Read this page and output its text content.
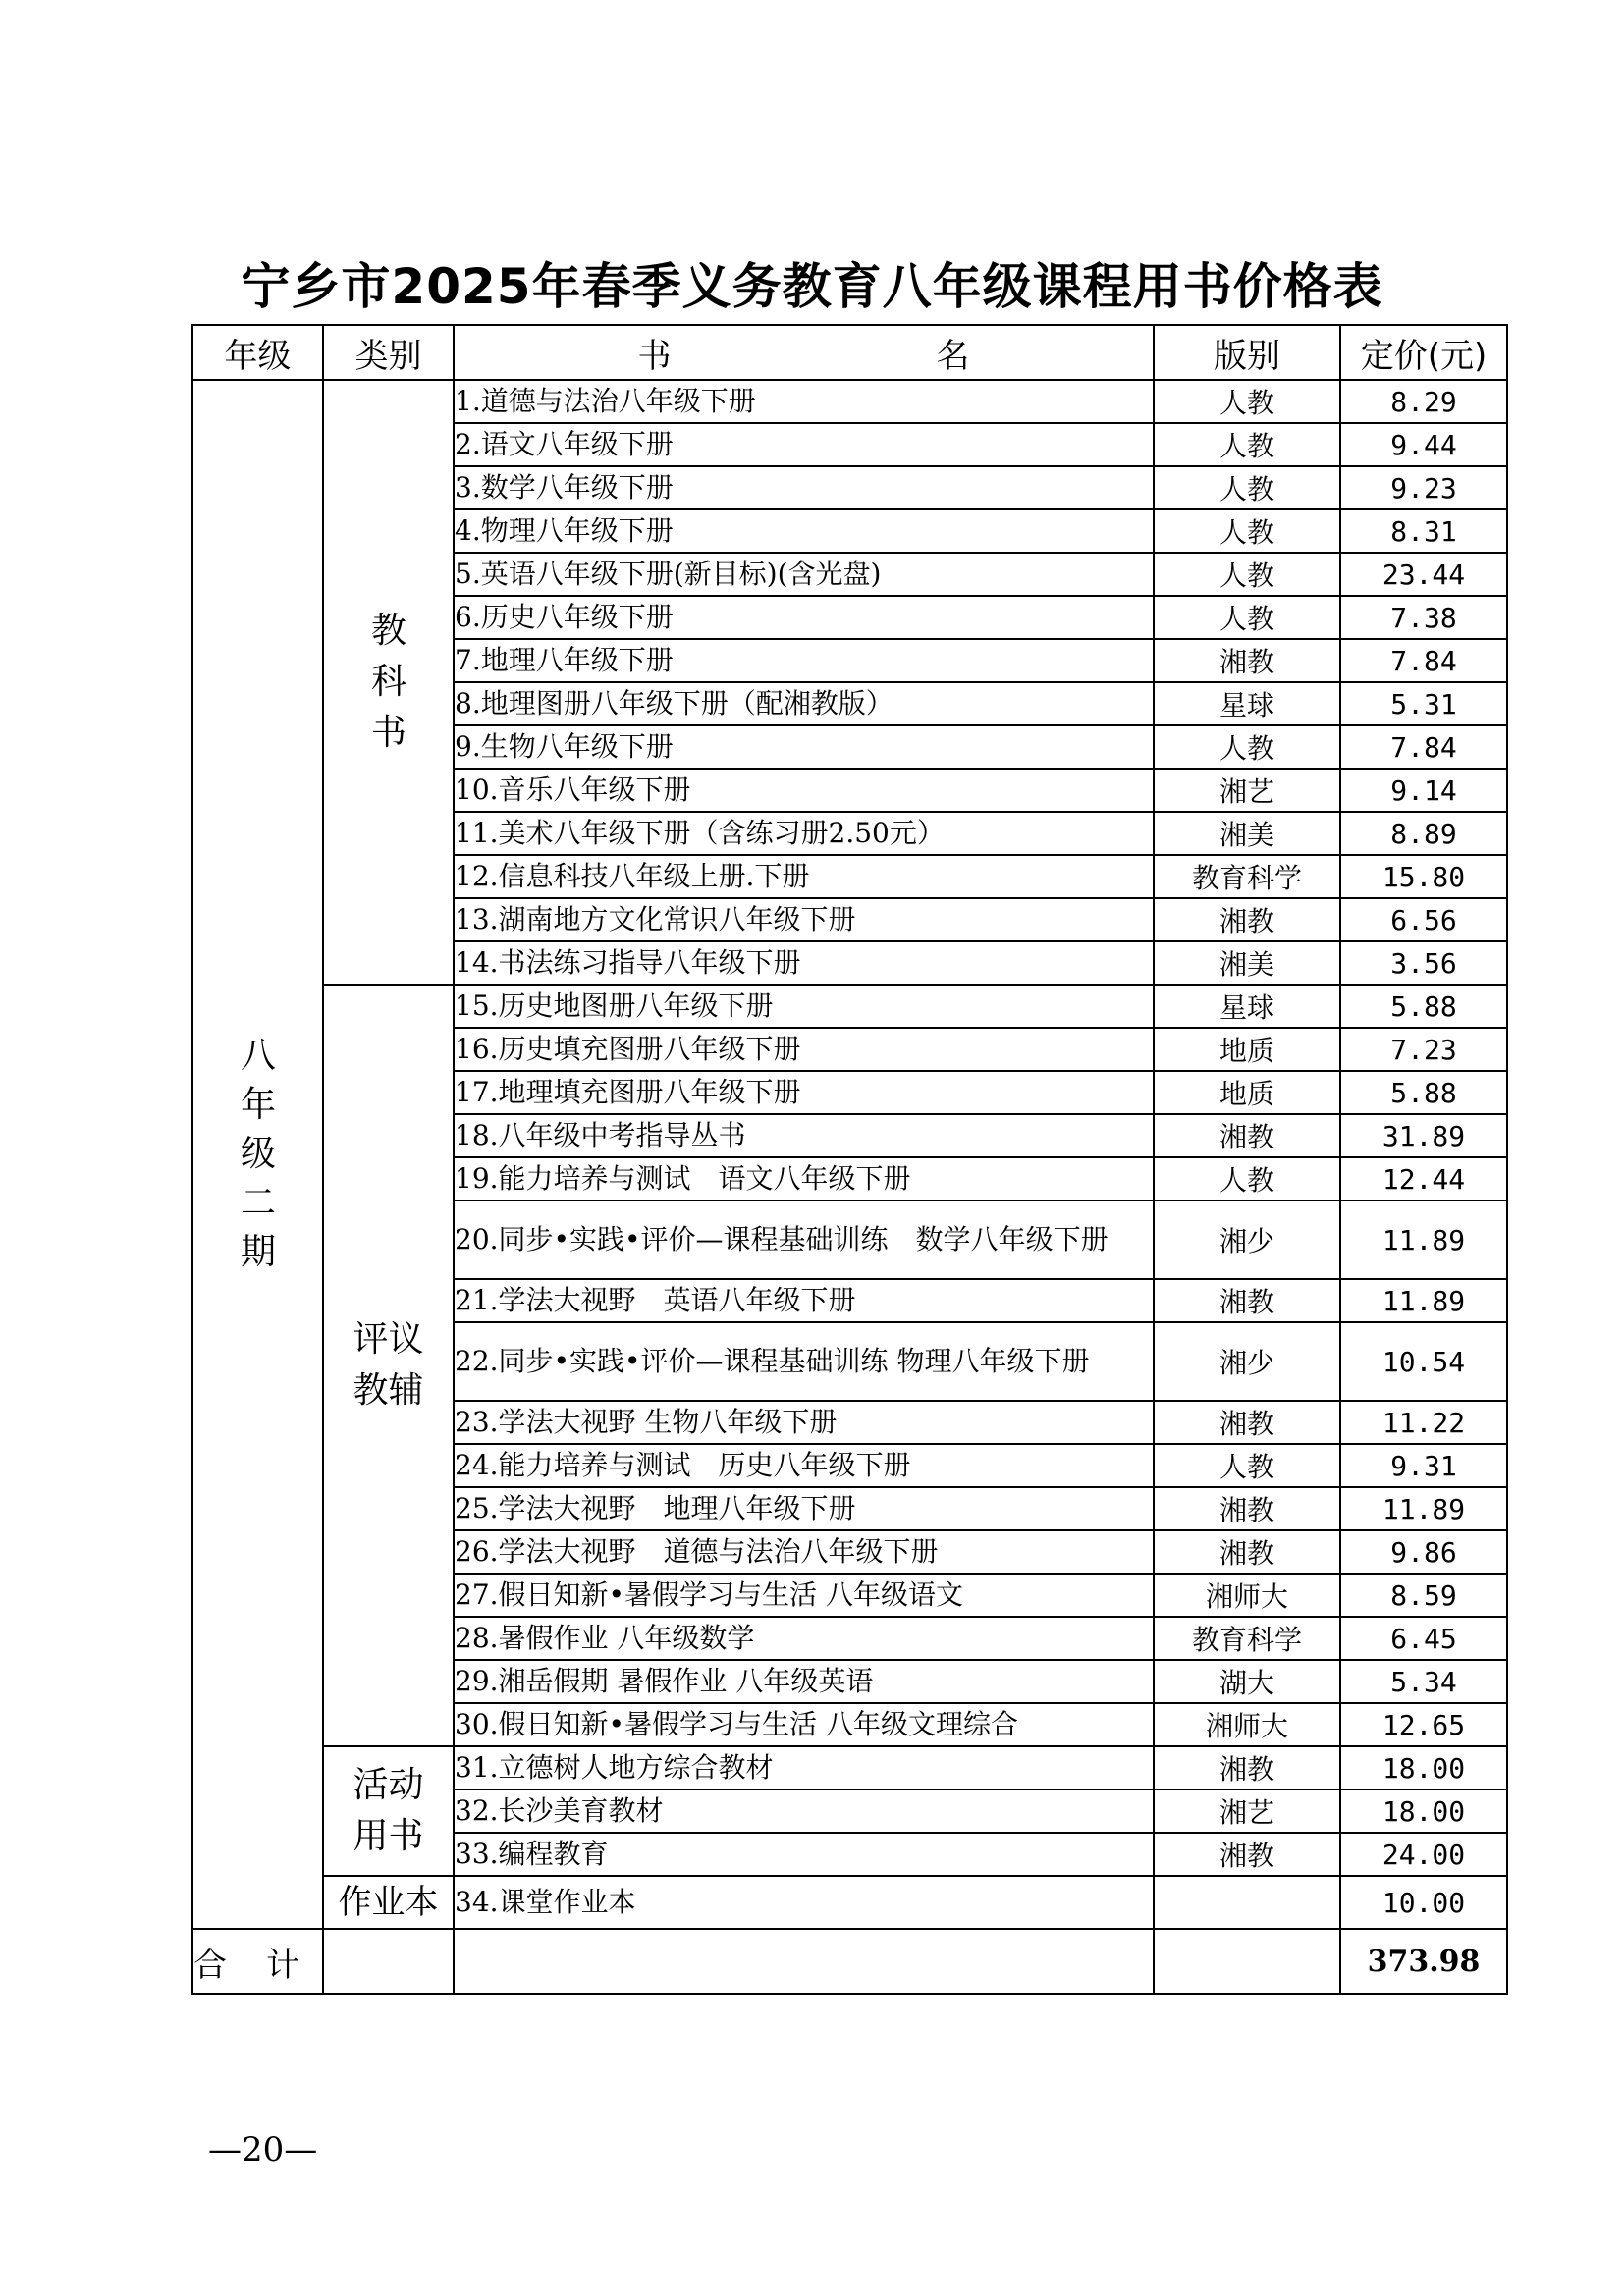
宁乡市2025年春季义务教育八年级课程用书价格表
年级	类别	书 名	版别	定价(元)
八年级二期	教科书	1.道德与法治八年级下册	人教	8.29
		2.语文八年级下册	人教	9.44
		3.数学八年级下册	人教	9.23
		4.物理八年级下册	人教	8.31
		5.英语八年级下册(新目标)(含光盘)	人教	23.44
		6.历史八年级下册	人教	7.38
		7.地理八年级下册	湘教	7.84
		8.地理图册八年级下册（配湘教版）	星球	5.31
		9.生物八年级下册	人教	7.84
		10.音乐八年级下册	湘艺	9.14
		11.美术八年级下册（含练习册2.50元）	湘美	8.89
		12.信息科技八年级上册.下册	教育科学	15.80
		13.湖南地方文化常识八年级下册	湘教	6.56
		14.书法练习指导八年级下册	湘美	3.56
	评议教辅	15.历史地图册八年级下册	星球	5.88
		16.历史填充图册八年级下册	地质	7.23
		17.地理填充图册八年级下册	地质	5.88
		18.八年级中考指导丛书	湘教	31.89
		19.能力培养与测试　语文八年级下册	人教	12.44
		20.同步•实践•评价—课程基础训练　数学八年级下册	湘少	11.89
		21.学法大视野　英语八年级下册	湘教	11.89
		22.同步•实践•评价—课程基础训练 物理八年级下册	湘少	10.54
		23.学法大视野 生物八年级下册	湘教	11.22
		24.能力培养与测试　历史八年级下册	人教	9.31
		25.学法大视野　地理八年级下册	湘教	11.89
		26.学法大视野　道德与法治八年级下册	湘教	9.86
		27.假日知新•暑假学习与生活 八年级语文	湘师大	8.59
		28.暑假作业 八年级数学	教育科学	6.45
		29.湘岳假期 暑假作业 八年级英语	湖大	5.34
		30.假日知新•暑假学习与生活 八年级文理综合	湘师大	12.65
	活动用书	31.立德树人地方综合教材	湘教	18.00
		32.长沙美育教材	湘艺	18.00
		33.编程教育	湘教	24.00
	作业本	34.课堂作业本		10.00
合 计				373.98
—20—
